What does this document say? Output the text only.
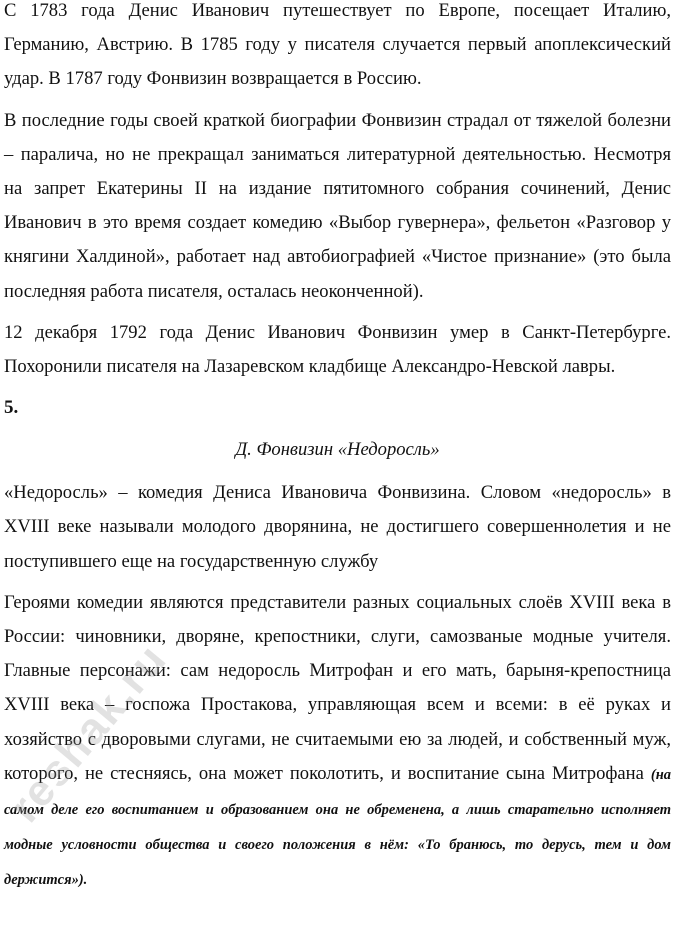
С 1783 года Денис Иванович путешествует по Европе, посещает Италию, Германию, Австрию. В 1785 году у писателя случается первый апоплексический удар. В 1787 году Фонвизин возвращается в Россию.

В последние годы своей краткой биографии Фонвизин страдал от тяжелой болезни – паралича, но не прекращал заниматься литературной деятельностью. Несмотря на запрет Екатерины II на издание пятитомного собрания сочинений, Денис Иванович в это время создает комедию «Выбор гувернера», фельетон «Разговор у княгини Халдиной», работает над автобиографией «Чистое признание» (это была последняя работа писателя, осталась неоконченной).

12 декабря 1792 года Денис Иванович Фонвизин умер в Санкт-Петербурге. Похоронили писателя на Лазаревском кладбище Александро-Невской лавры.

5.
Д. Фонвизин «Недоросль»

«Недоросль» – комедия Дениса Ивановича Фонвизина. Словом «недоросль» в XVIII веке называли молодого дворянина, не достигшего совершеннолетия и не поступившего еще на государственную службу

Героями комедии являются представители разных социальных слоёв XVIII века в России: чиновники, дворяне, крепостники, слуги, самозваные модные учителя. Главные персонажи: сам недоросль Митрофан и его мать, барыня-крепостница XVIII века – госпожа Простакова, управляющая всем и всеми: в её руках и хозяйство с дворовыми слугами, не считаемыми ею за людей, и собственный муж, которого, не стесняясь, она может поколотить, и воспитание сына Митрофана (на самом деле его воспитанием и образованием она не обременена, а лишь старательно исполняет модные условности общества и своего положения в нём: «То бранюсь, то дерусь, тем и дом держится»).

reshak.ru
